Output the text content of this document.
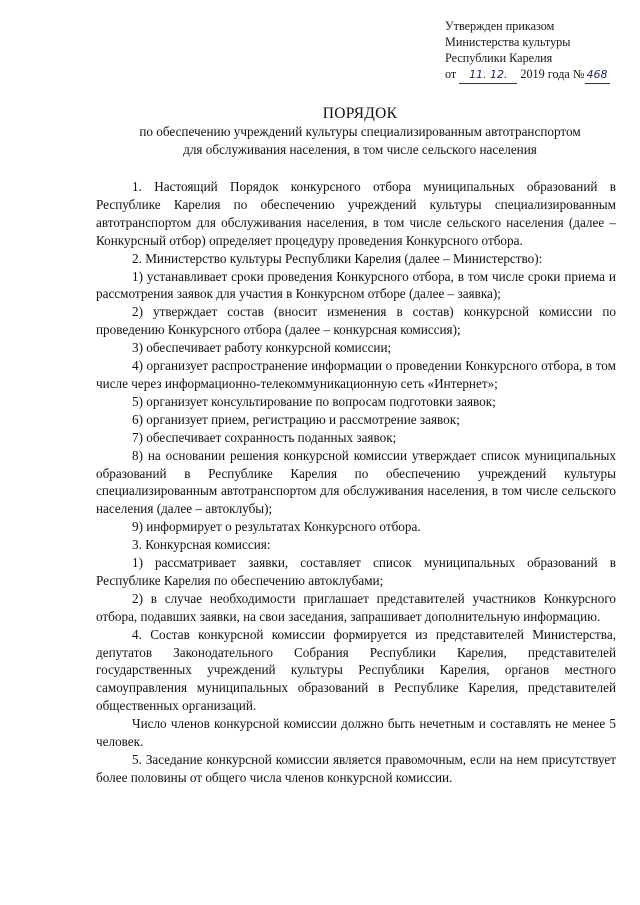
Утвержден приказом
Министерства культуры
Республики Карелия
от 11. 12. 2019 года № 468
ПОРЯДОК
по обеспечению учреждений культуры специализированным автотранспортом
для обслуживания населения, в том числе сельского населения

1. Настоящий Порядок конкурсного отбора муниципальных образований в Республике Карелия по обеспечению учреждений культуры специализированным автотранспортом для обслуживания населения, в том числе сельского населения (далее – Конкурсный отбор) определяет процедуру проведения Конкурсного отбора.

2. Министерство культуры Республики Карелия (далее – Министерство):

1) устанавливает сроки проведения Конкурсного отбора, в том числе сроки приема и рассмотрения заявок для участия в Конкурсном отборе (далее – заявка);

2) утверждает состав (вносит изменения в состав) конкурсной комиссии по проведению Конкурсного отбора (далее – конкурсная комиссия);

3) обеспечивает работу конкурсной комиссии;

4) организует распространение информации о проведении Конкурсного отбора, в том числе через информационно-телекоммуникационную сеть «Интернет»;

5) организует консультирование по вопросам подготовки заявок;

6) организует прием, регистрацию и рассмотрение заявок;

7) обеспечивает сохранность поданных заявок;

8) на основании решения конкурсной комиссии утверждает список муниципальных образований в Республике Карелия по обеспечению учреждений культуры специализированным автотранспортом для обслуживания населения, в том числе сельского населения (далее – автоклубы);

9) информирует о результатах Конкурсного отбора.

3. Конкурсная комиссия:

1) рассматривает заявки, составляет список муниципальных образований в Республике Карелия по обеспечению автоклубами;

2) в случае необходимости приглашает представителей участников Конкурсного отбора, подавших заявки, на свои заседания, запрашивает дополнительную информацию.

4. Состав конкурсной комиссии формируется из представителей Министерства, депутатов Законодательного Собрания Республики Карелия, представителей государственных учреждений культуры Республики Карелия, органов местного самоуправления муниципальных образований в Республике Карелия, представителей общественных организаций.

Число членов конкурсной комиссии должно быть нечетным и составлять не менее 5 человек.

5. Заседание конкурсной комиссии является правомочным, если на нем присутствует более половины от общего числа членов конкурсной комиссии.
